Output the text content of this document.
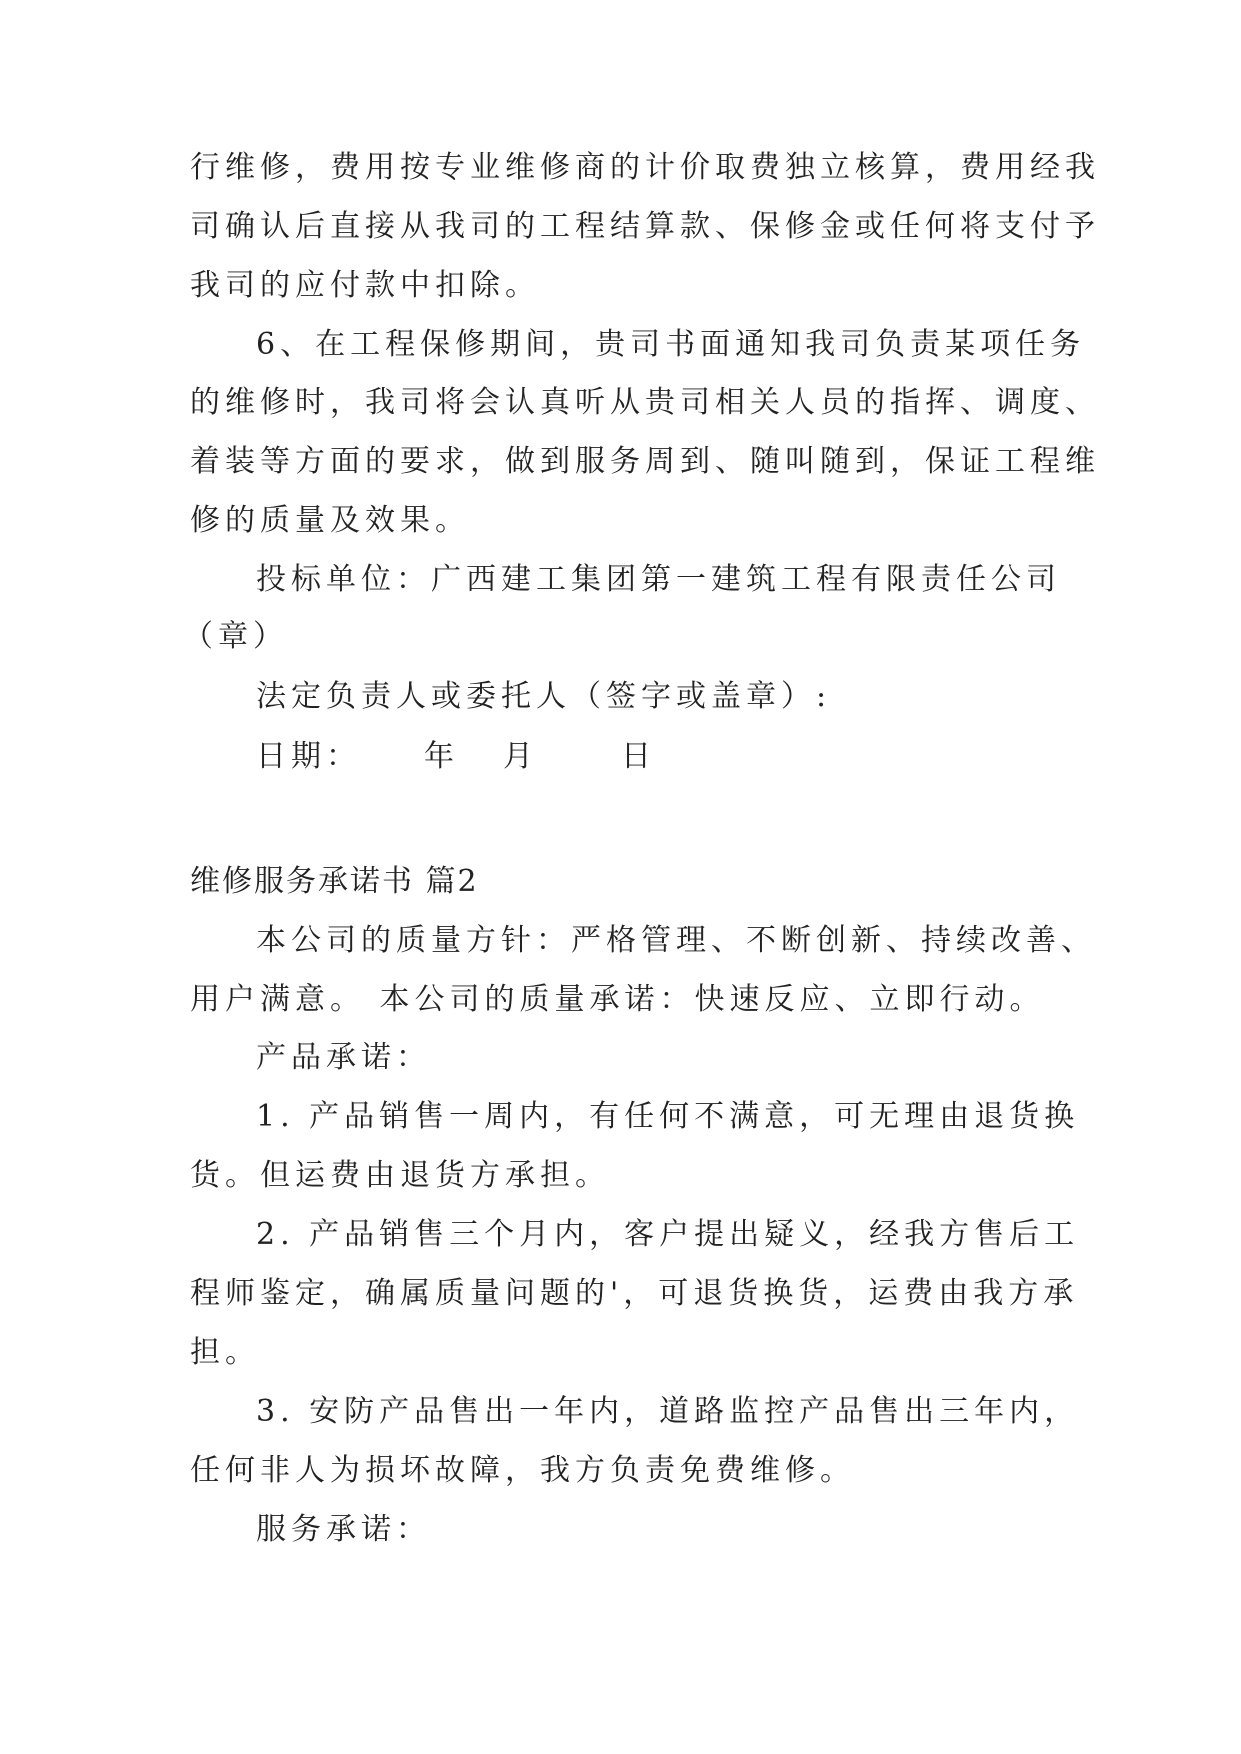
行维修，费用按专业维修商的计价取费独立核算，费用经我
司确认后直接从我司的工程结算款、保修金或任何将支付予
我司的应付款中扣除。
6、在工程保修期间，贵司书面通知我司负责某项任务
的维修时，我司将会认真听从贵司相关人员的指挥、调度、
着装等方面的要求，做到服务周到、随叫随到，保证工程维
修的质量及效果。
投标单位：广西建工集团第一建筑工程有限责任公司
（章）
法定负责人或委托人（签字或盖章）:
日期： 年 月	日
维修服务承诺书 篇2
本公司的质量方针：严格管理、不断创新、持续改善、
用户满意。 本公司的质量承诺：快速反应、立即行动。
产品承诺：
1. 产品销售一周内，有任何不满意，可无理由退货换
货。但运费由退货方承担。
2. 产品销售三个月内，客户提出疑义，经我方售后工
程师鉴定，确属质量问题的'，可退货换货，运费由我方承
担。
3. 安防产品售出一年内，道路监控产品售出三年内，
任何非人为损坏故障，我方负责免费维修。
服务承诺：
